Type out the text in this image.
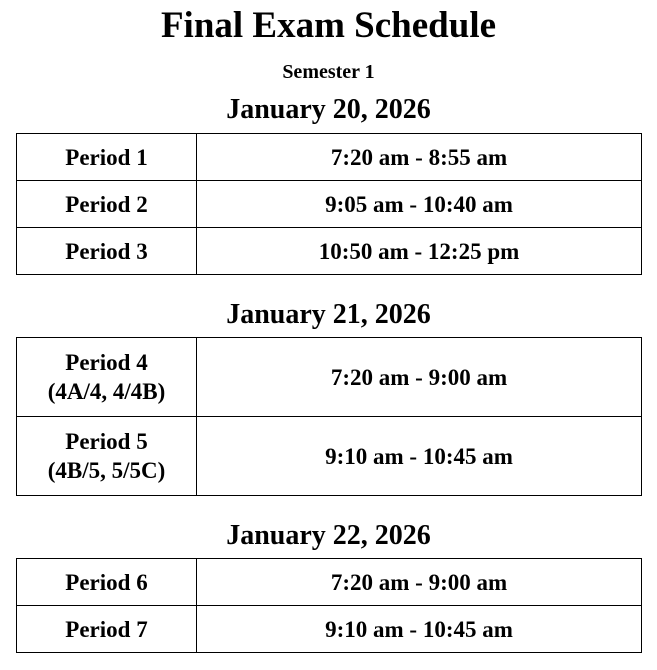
Final Exam Schedule
Semester 1
January 20, 2026
Period 1	7:20 am - 8:55 am
Period 2	9:05 am - 10:40 am
Period 3	10:50 am - 12:25 pm
January 21, 2026
Period 4
(4A/4, 4/4B)	7:20 am - 9:00 am

Period 5
(4B/5, 5/5C)	9:10 am - 10:45 am
January 22, 2026
Period 6	7:20 am - 9:00 am
Period 7	9:10 am - 10:45 am
